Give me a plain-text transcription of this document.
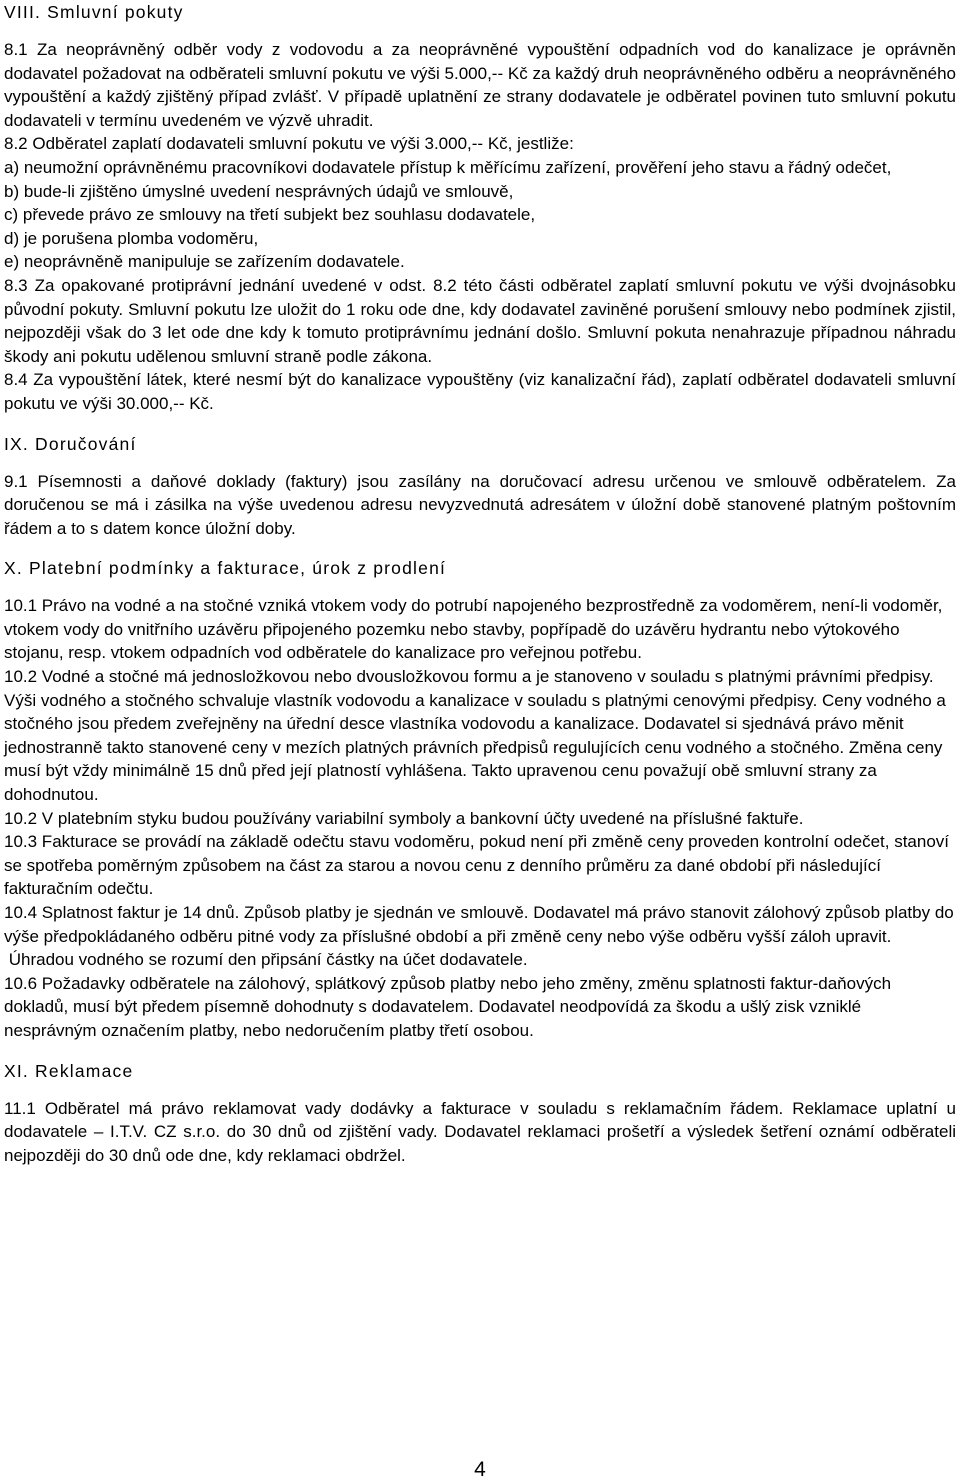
VIII. Smluvní pokuty

8.1 Za neoprávněný odběr vody z vodovodu a za neoprávněné vypouštění odpadních vod do kanalizace je oprávněn dodavatel požadovat na odběrateli smluvní pokutu ve výši 5.000,-- Kč za každý druh neoprávněného odběru a neoprávněného vypouštění a každý zjištěný případ zvlášť. V případě uplatnění ze strany dodavatele je odběratel povinen tuto smluvní pokutu dodavateli v termínu uvedeném ve výzvě uhradit.

8.2 Odběratel zaplatí dodavateli smluvní pokutu ve výši 3.000,-- Kč, jestliže:

a) neumožní oprávněnému pracovníkovi dodavatele přístup k měřícímu zařízení, prověření jeho stavu a řádný odečet,

b) bude-li zjištěno úmyslné uvedení nesprávných údajů ve smlouvě,

c) převede právo ze smlouvy na třetí subjekt bez souhlasu dodavatele,

d) je porušena plomba vodoměru,

e) neoprávněně manipuluje se zařízením dodavatele.

8.3 Za opakované protiprávní jednání uvedené v odst. 8.2 této části odběratel zaplatí smluvní pokutu ve výši dvojnásobku původní pokuty. Smluvní pokutu lze uložit do 1 roku ode dne, kdy dodavatel zaviněné porušení smlouvy nebo podmínek zjistil, nejpozději však do 3 let ode dne kdy k tomuto protiprávnímu jednání došlo. Smluvní pokuta nenahrazuje případnou náhradu škody ani pokutu udělenou smluvní straně podle zákona.

8.4 Za vypouštění látek, které nesmí být do kanalizace vypouštěny (viz kanalizační řád), zaplatí odběratel dodavateli smluvní pokutu ve výši 30.000,-- Kč.

IX. Doručování

9.1 Písemnosti a daňové doklady (faktury) jsou zasílány na doručovací adresu určenou ve smlouvě odběratelem. Za doručenou se má i zásilka na výše uvedenou adresu nevyzvednutá adresátem v úložní době stanovené platným poštovním řádem a to s datem konce úložní doby.

X. Platební podmínky a fakturace, úrok z prodlení

10.1 Právo na vodné a na stočné vzniká vtokem vody do potrubí napojeného bezprostředně za vodoměrem, není-li vodoměr, vtokem vody do vnitřního uzávěru připojeného pozemku nebo stavby, popřípadě do uzávěru hydrantu nebo výtokového stojanu, resp. vtokem odpadních vod odběratele do kanalizace pro veřejnou potřebu.

10.2 Vodné a stočné má jednosložkovou nebo dvousložkovou formu a je stanoveno v souladu s platnými právními předpisy. Výši vodného a stočného schvaluje vlastník vodovodu a kanalizace v souladu s platnými cenovými předpisy. Ceny vodného a stočného jsou předem zveřejněny na úřední desce vlastníka vodovodu a kanalizace. Dodavatel si sjednává právo měnit jednostranně takto stanovené ceny v mezích platných právních předpisů regulujících cenu vodného a stočného. Změna ceny musí být vždy minimálně 15 dnů před její platností vyhlášena. Takto upravenou cenu považují obě smluvní strany za dohodnutou.

10.2 V platebním styku budou používány variabilní symboly a bankovní účty uvedené na příslušné faktuře.

10.3 Fakturace se provádí na základě odečtu stavu vodoměru, pokud není při změně ceny proveden kontrolní odečet, stanoví se spotřeba poměrným způsobem na část za starou a novou cenu z denního průměru za dané období při následující fakturačním odečtu.

10.4 Splatnost faktur je 14 dnů. Způsob platby je sjednán ve smlouvě. Dodavatel má právo stanovit zálohový způsob platby do výše předpokládaného odběru pitné vody za příslušné období a při změně ceny nebo výše odběru vyšší záloh upravit.

Úhradou vodného se rozumí den připsání částky na účet dodavatele.

10.6 Požadavky odběratele na zálohový, splátkový způsob platby nebo jeho změny, změnu splatnosti faktur-daňových dokladů, musí být předem písemně dohodnuty s dodavatelem. Dodavatel neodpovídá za škodu a ušlý zisk vzniklé nesprávným označením platby, nebo nedoručením platby třetí osobou.

XI. Reklamace

11.1 Odběratel má právo reklamovat vady dodávky a fakturace v souladu s reklamačním řádem. Reklamace uplatní u dodavatele – I.T.V. CZ s.r.o. do 30 dnů od zjištění vady. Dodavatel reklamaci prošetří a výsledek šetření oznámí odběrateli nejpozději do 30 dnů ode dne, kdy reklamaci obdržel.

4
